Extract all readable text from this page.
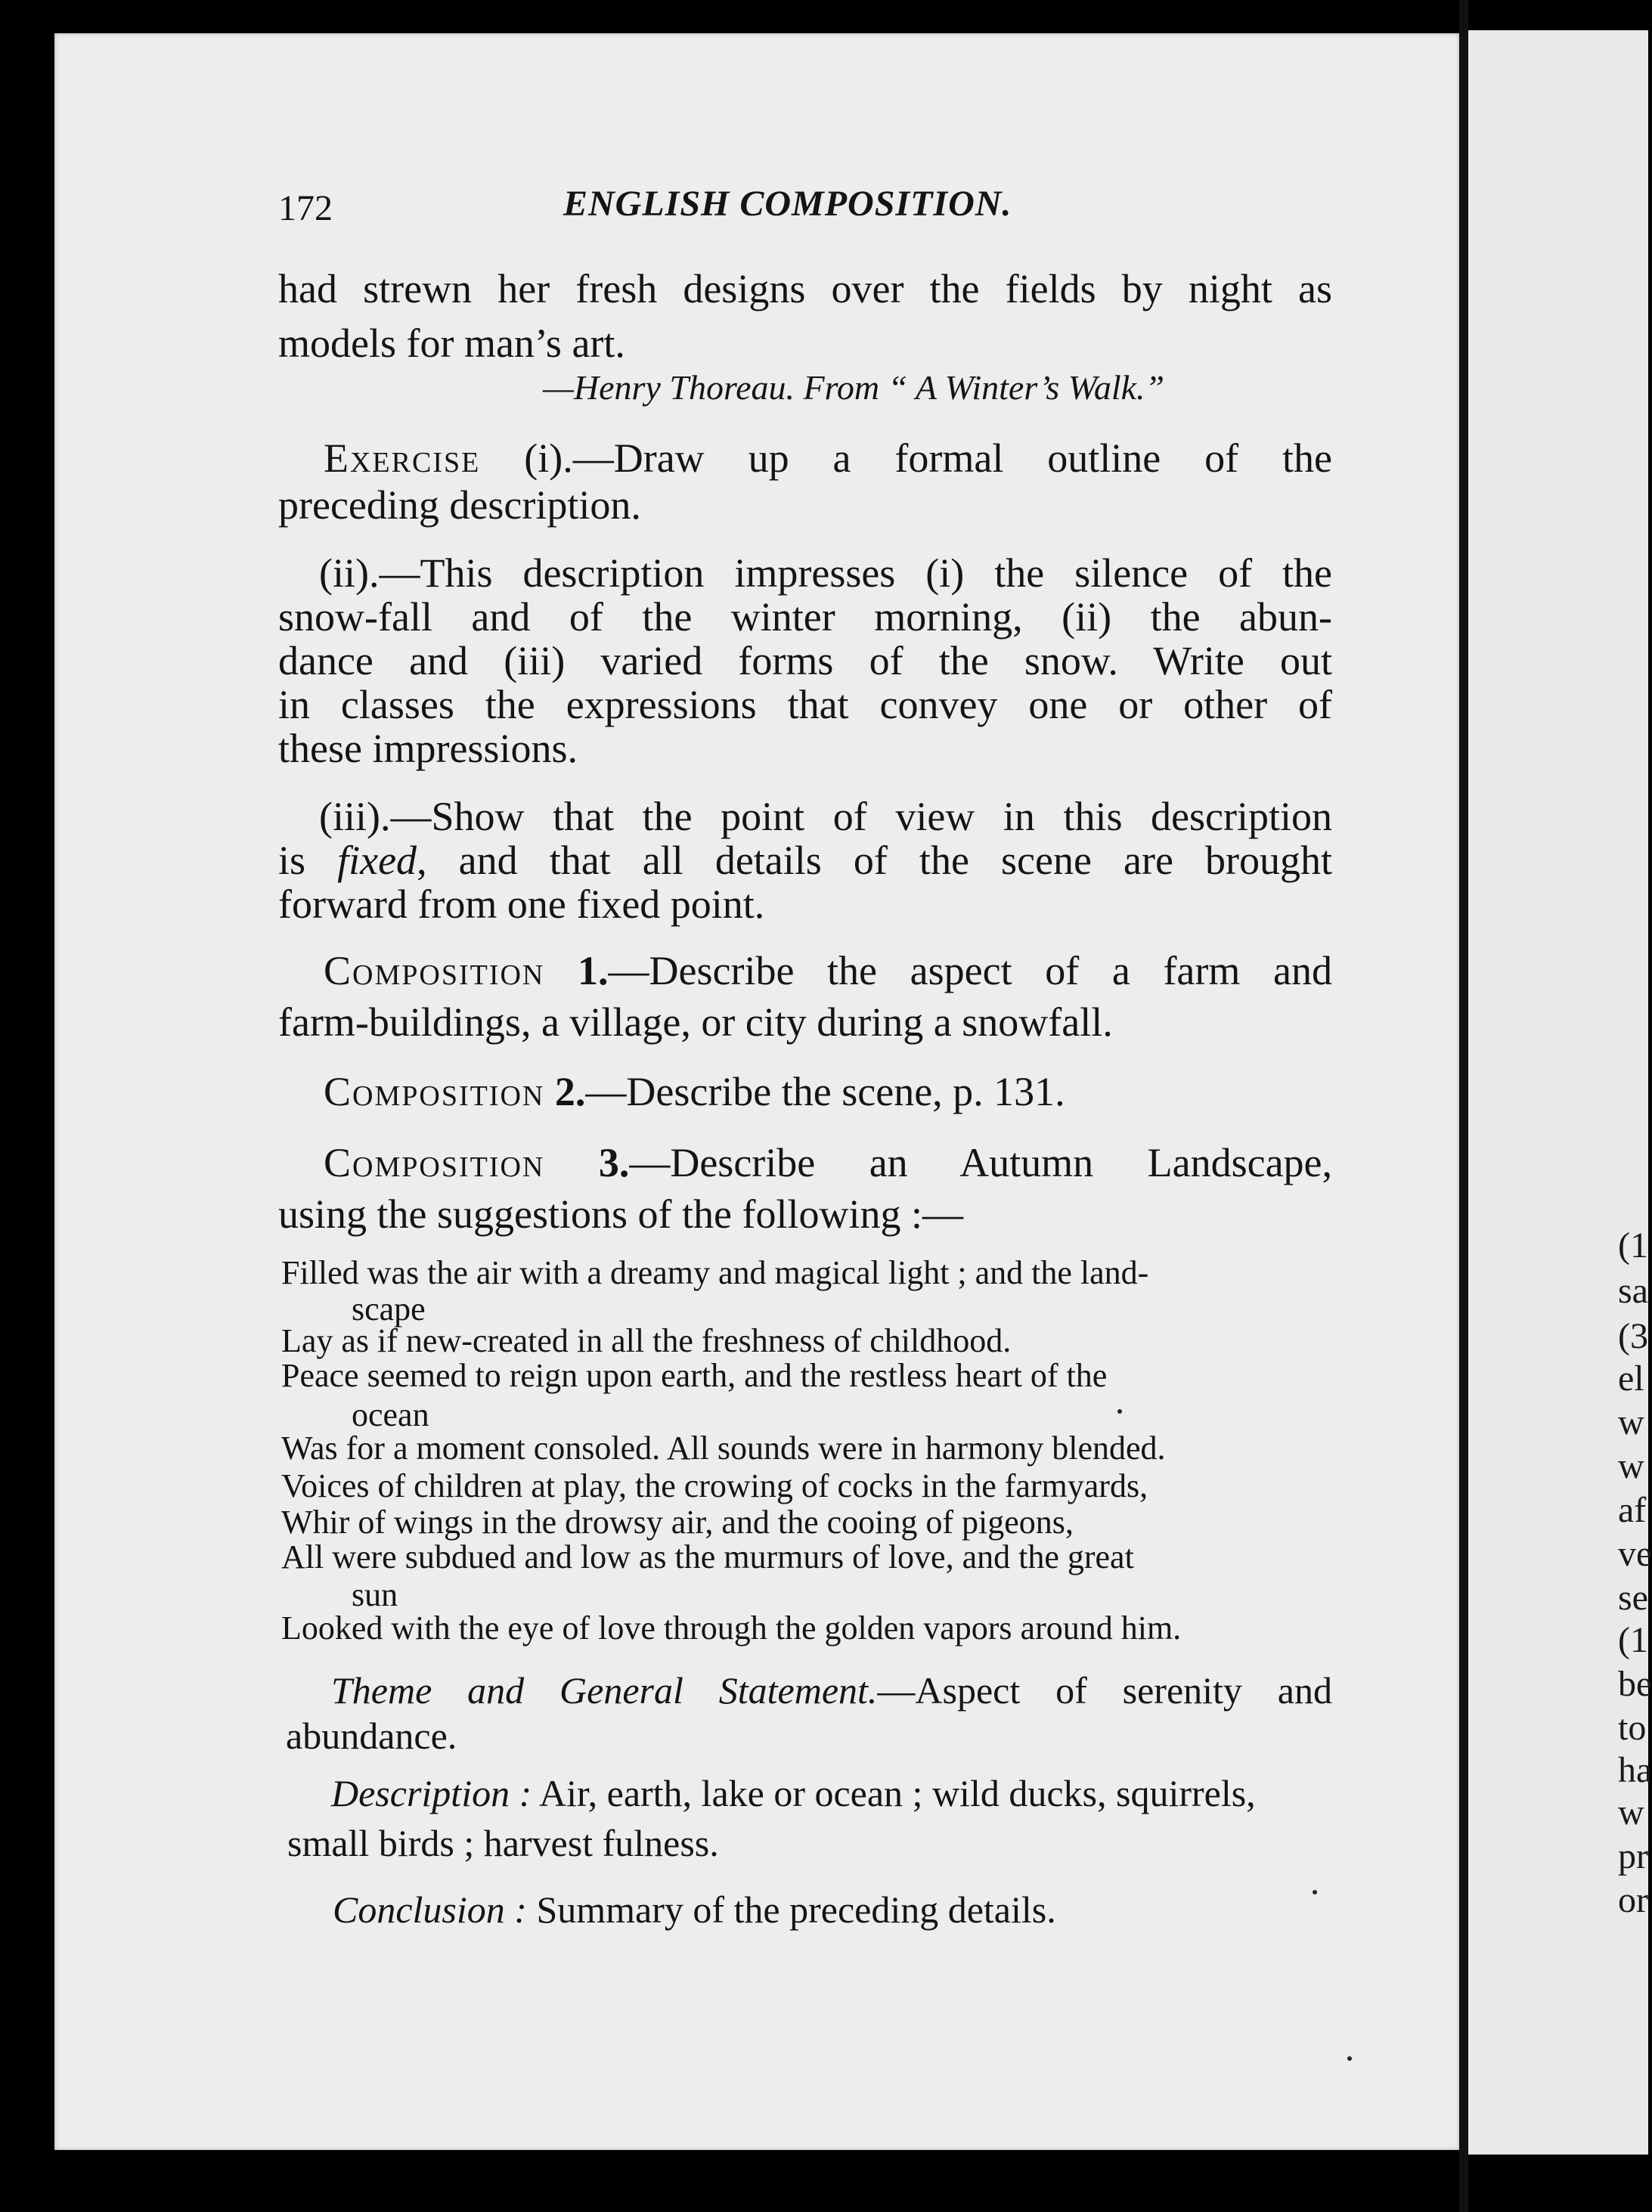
172	ENGLISH COMPOSITION.
had strewn her fresh designs over the fields by night as
models for man’s art.
—Henry Thoreau. From “ A Winter’s Walk.”
Exercise (i).—Draw up a formal outline of the
preceding description.
(ii).—This description impresses (i) the silence of the
snow-fall and of the winter morning, (ii) the abun-
dance and (iii) varied forms of the snow. Write out
in classes the expressions that convey one or other of
these impressions.
(iii).—Show that the point of view in this description
is fixed, and that all details of the scene are brought
forward from one fixed point.
Composition 1.—Describe the aspect of a farm and
farm-buildings, a village, or city during a snowfall.
Composition 2.—Describe the scene, p. 131.
Composition 3.—Describe an Autumn Landscape,
using the suggestions of the following :—
Filled was the air with a dreamy and magical light ; and the land-
scape
Lay as if new-created in all the freshness of childhood.
Peace seemed to reign upon earth, and the restless heart of the
ocean
Was for a moment consoled. All sounds were in harmony blended.
Voices of children at play, the crowing of cocks in the farmyards,
Whir of wings in the drowsy air, and the cooing of pigeons,
All were subdued and low as the murmurs of love, and the great
sun
Looked with the eye of love through the golden vapors around him.
Theme and General Statement.—Aspect of serenity and
abundance.
Description : Air, earth, lake or ocean ; wild ducks, squirrels,
small birds ; harvest fulness.
Conclusion : Summary of the preceding details.
(1
sa
(3
el
w
w
af
ve
se
(1
be
to
ha
w
pr
or
